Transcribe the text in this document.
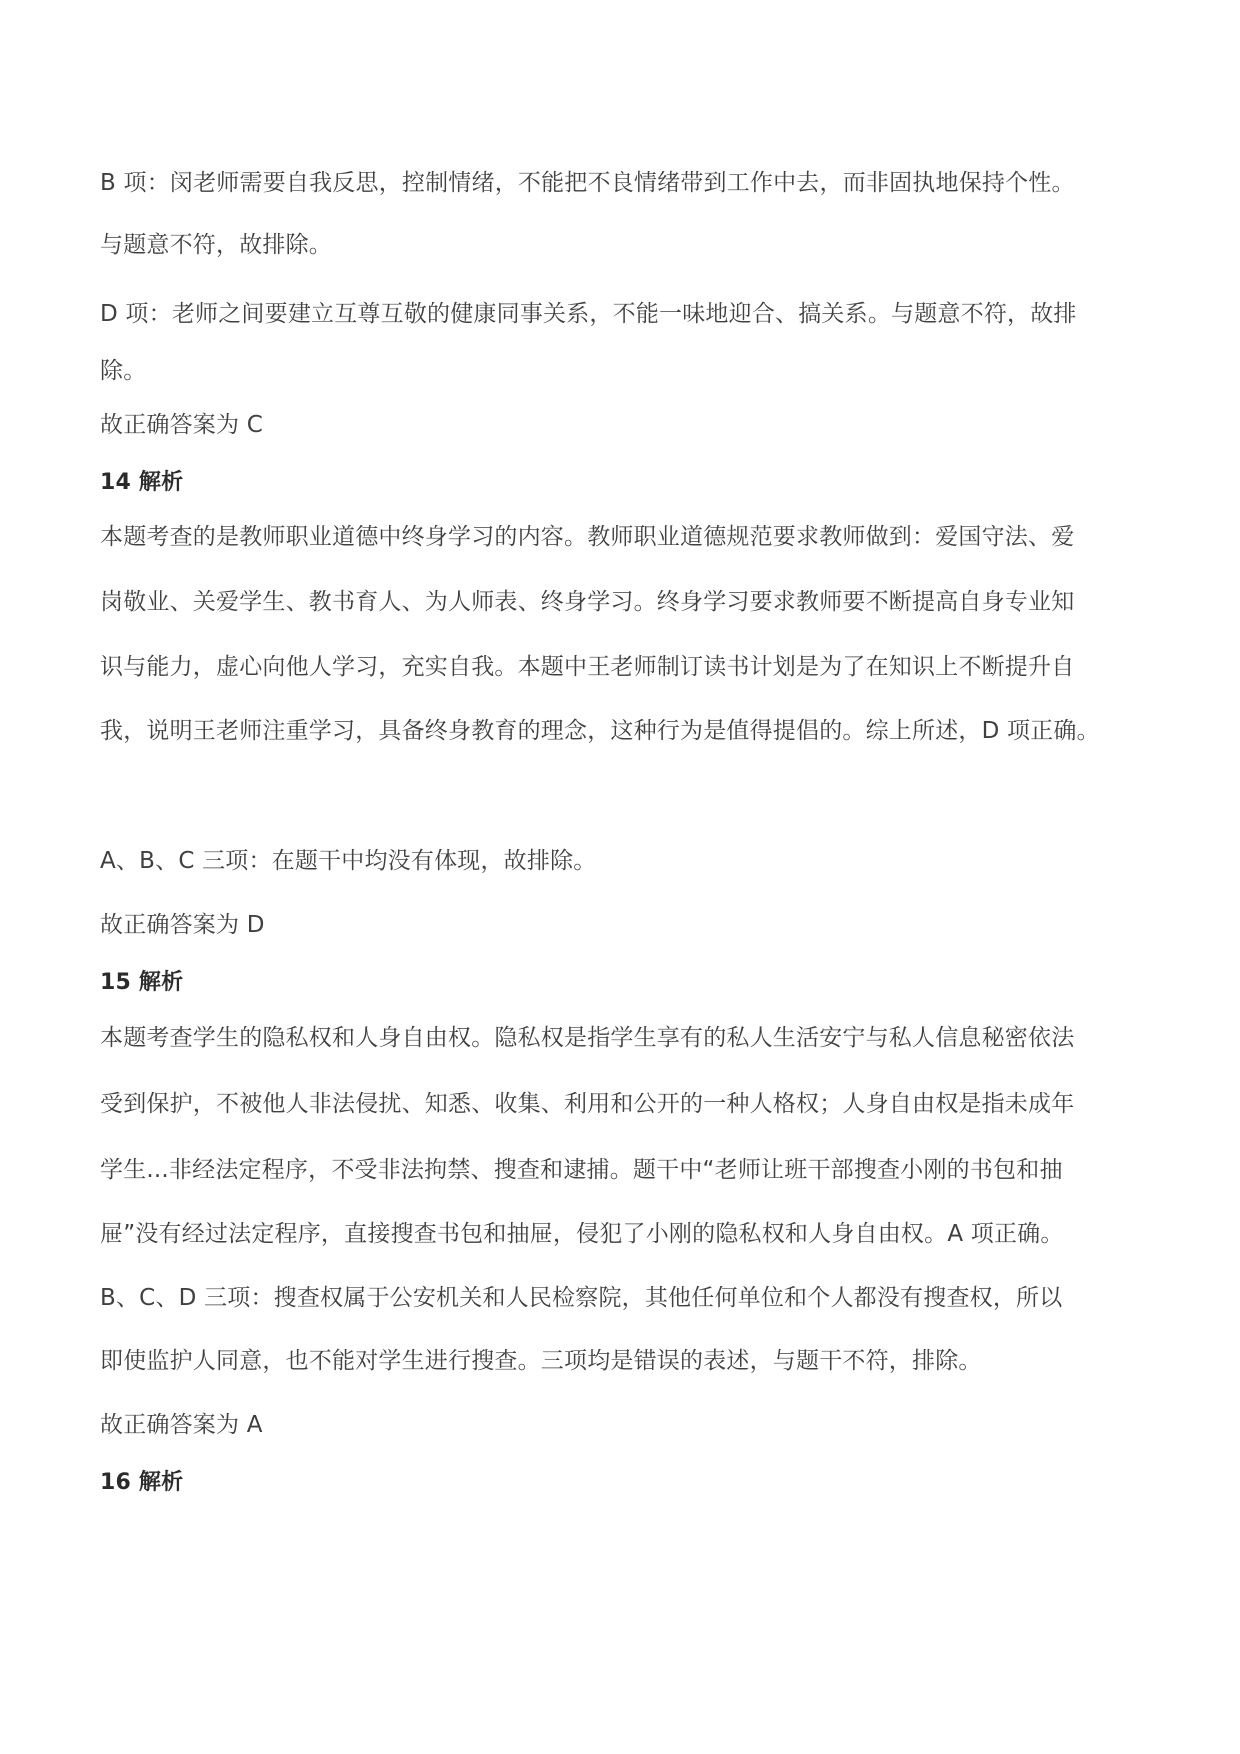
B 项：闵老师需要自我反思，控制情绪，不能把不良情绪带到工作中去，而非固执地保持个性。
与题意不符，故排除。
D 项：老师之间要建立互尊互敬的健康同事关系，不能一味地迎合、搞关系。与题意不符，故排
除。
故正确答案为 C
14 解析
本题考查的是教师职业道德中终身学习的内容。教师职业道德规范要求教师做到：爱国守法、爱
岗敬业、关爱学生、教书育人、为人师表、终身学习。终身学习要求教师要不断提高自身专业知
识与能力，虚心向他人学习，充实自我。本题中王老师制订读书计划是为了在知识上不断提升自
我，说明王老师注重学习，具备终身教育的理念，这种行为是值得提倡的。综上所述，D 项正确。
A、B、C 三项：在题干中均没有体现，故排除。
故正确答案为 D
15 解析
本题考查学生的隐私权和人身自由权。隐私权是指学生享有的私人生活安宁与私人信息秘密依法
受到保护，不被他人非法侵扰、知悉、收集、利用和公开的一种人格权；人身自由权是指未成年
学生...非经法定程序，不受非法拘禁、搜查和逮捕。题干中“老师让班干部搜查小刚的书包和抽
屉”没有经过法定程序，直接搜查书包和抽屉，侵犯了小刚的隐私权和人身自由权。A 项正确。
B、C、D 三项：搜查权属于公安机关和人民检察院，其他任何单位和个人都没有搜查权，所以
即使监护人同意，也不能对学生进行搜查。三项均是错误的表述，与题干不符，排除。
故正确答案为 A
16 解析
